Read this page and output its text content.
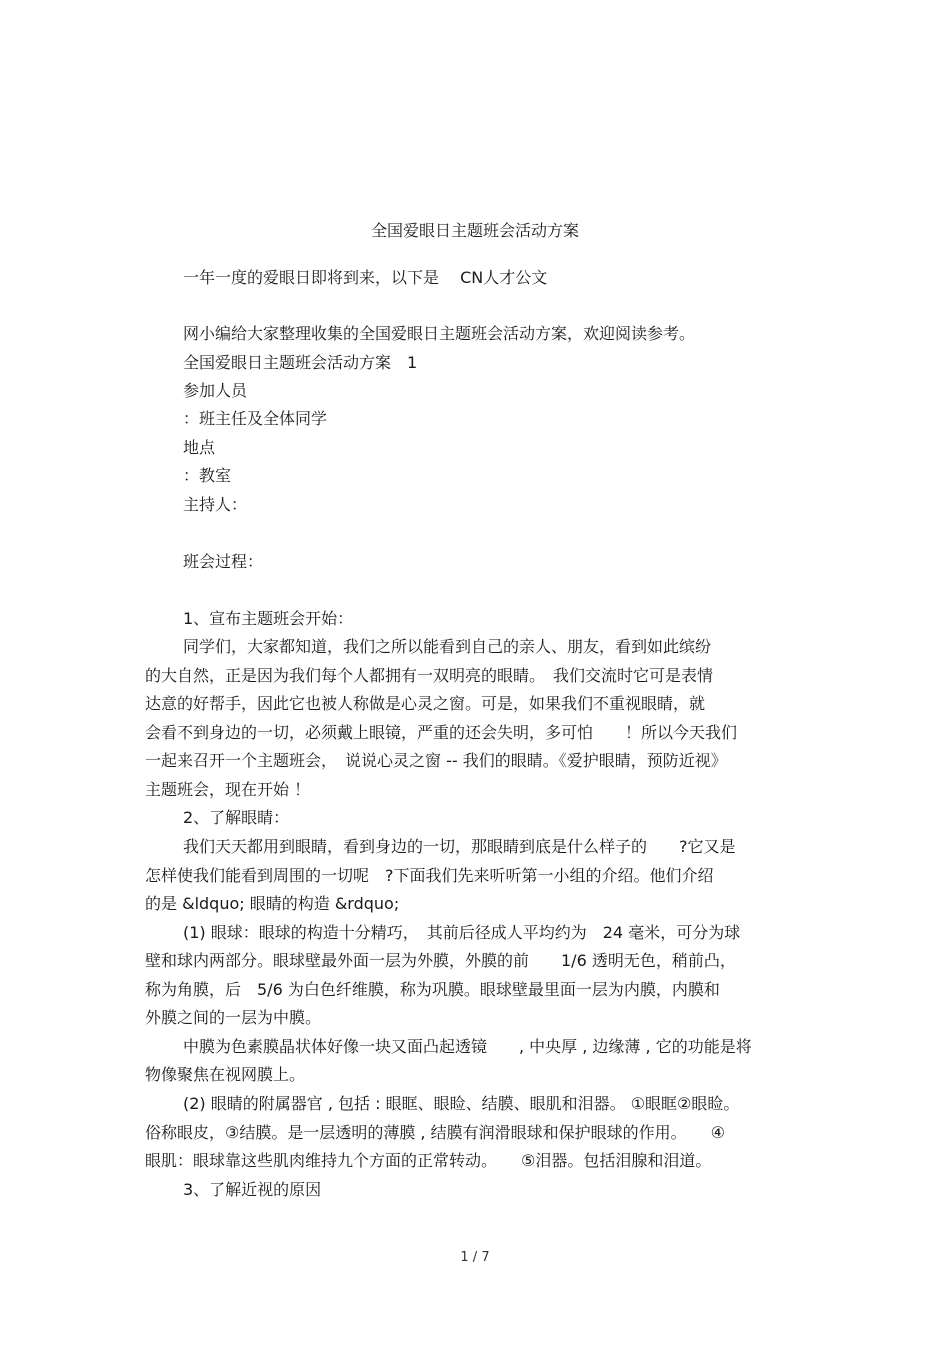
全国爱眼日主题班会活动方案
一年一度的爱眼日即将到来，以下是　 CN人才公文
网小编给大家整理收集的全国爱眼日主题班会活动方案，欢迎阅读参考。
全国爱眼日主题班会活动方案　1
参加人员
：班主任及全体同学
地点
：教室
主持人：
班会过程：
1、宣布主题班会开始：
同学们，大家都知道，我们之所以能看到自己的亲人、朋友，看到如此缤纷
的大自然，正是因为我们每个人都拥有一双明亮的眼睛。　我们交流时它可是表情
达意的好帮手，因此它也被人称做是心灵之窗。可是，如果我们不重视眼睛，就
会看不到身边的一切，必须戴上眼镜，严重的还会失明，多可怕　　！所以今天我们
一起来召开一个主题班会，　说说心灵之窗 -- 我们的眼睛。《爱护眼睛，预防近视》
主题班会，现在开始 ！
2、了解眼睛：
我们天天都用到眼睛，看到身边的一切，那眼睛到底是什么样子的　　?它又是
怎样使我们能看到周围的一切呢　?下面我们先来听听第一小组的介绍。他们介绍
的是 &ldquo; 眼睛的构造 &rdquo;
(1) 眼球：眼球的构造十分精巧，　其前后径成人平均约为　24 毫米，可分为球
壁和球内两部分。眼球壁最外面一层为外膜，外膜的前　　1/6 透明无色，稍前凸，
称为角膜，后　5/6 为白色纤维膜，称为巩膜。眼球壁最里面一层为内膜，内膜和
外膜之间的一层为中膜。
中膜为色素膜晶状体好像一块又面凸起透镜　　, 中央厚 , 边缘薄 , 它的功能是将
物像聚焦在视网膜上。
(2) 眼睛的附属器官 , 包括 : 眼眶、眼睑、结膜、眼肌和泪器。 ①眼眶②眼睑。
俗称眼皮，③结膜。是一层透明的薄膜 , 结膜有润滑眼球和保护眼球的作用。　　④
眼肌：眼球靠这些肌肉维持九个方面的正常转动。　　⑤泪器。包括泪腺和泪道。
3、了解近视的原因
1 / 7
